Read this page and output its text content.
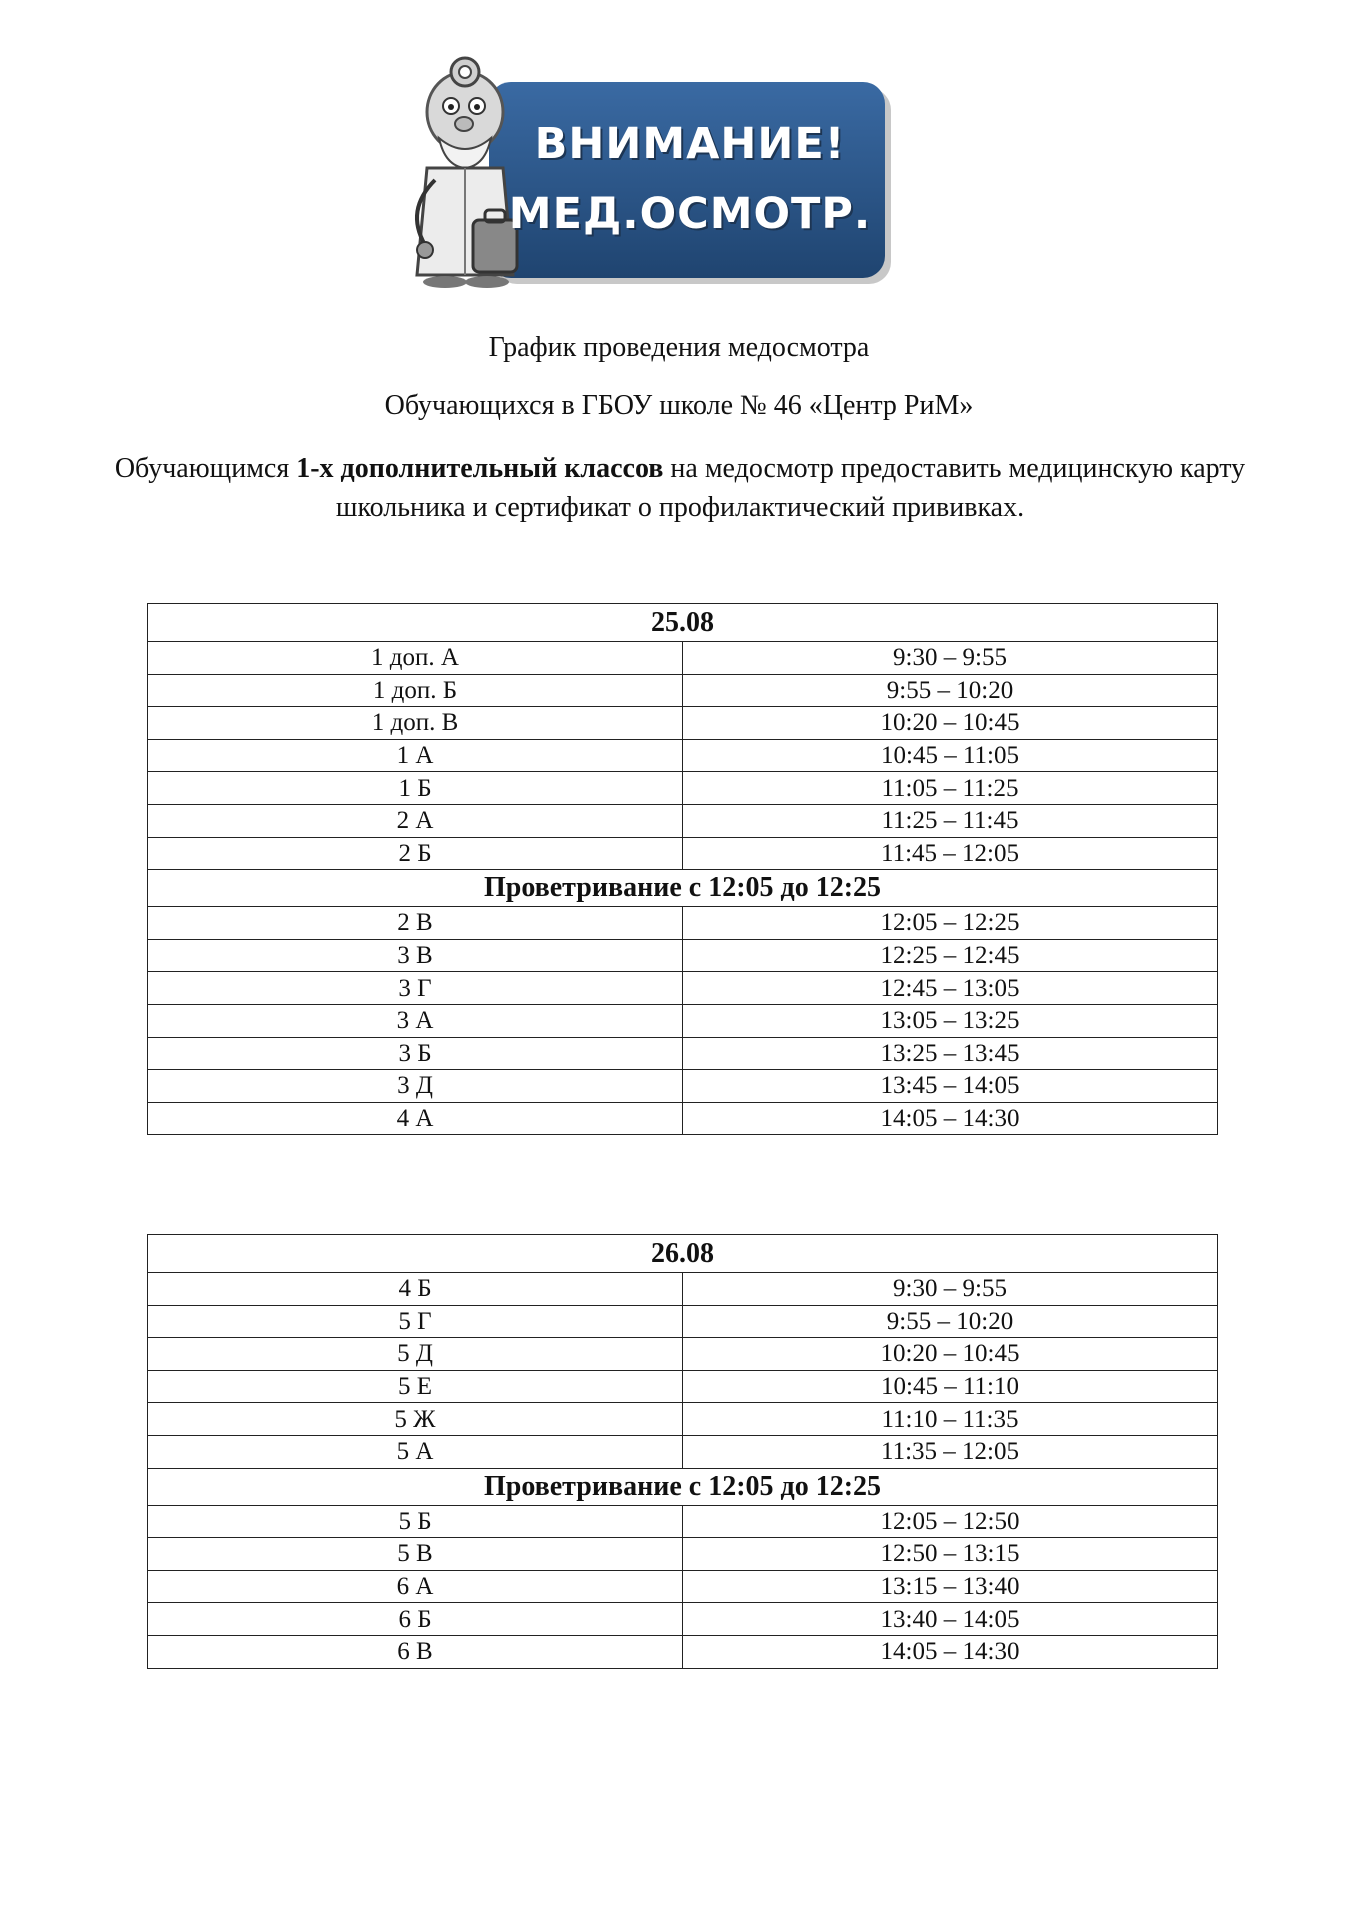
ВНИМАНИЕ!
МЕД.ОСМОТР.
График проведения медосмотра
Обучающихся в ГБОУ школе № 46 «Центр РиМ»
Обучающимся 1-х дополнительный классов на медосмотр предоставить медицинскую карту школьника и сертификат о профилактический прививках.
25.08	
1 доп. А	9:30 – 9:55
1 доп. Б	9:55 – 10:20
1 доп. В	10:20 – 10:45
1 А	10:45 – 11:05
1 Б	11:05 – 11:25
2 А	11:25 – 11:45
2 Б	11:45 – 12:05
Проветривание с 12:05 до 12:25	
2 В	12:05 – 12:25
3 В	12:25 – 12:45
3 Г	12:45 – 13:05
3 А	13:05 – 13:25
3 Б	13:25 – 13:45
3 Д	13:45 – 14:05
4 А	14:05 – 14:30
26.08	
4 Б	9:30 – 9:55
5 Г	9:55 – 10:20
5 Д	10:20 – 10:45
5 Е	10:45 – 11:10
5 Ж	11:10 – 11:35
5 А	11:35 – 12:05
Проветривание с 12:05 до 12:25	
5 Б	12:05 – 12:50
5 В	12:50 – 13:15
6 А	13:15 – 13:40
6 Б	13:40 – 14:05
6 В	14:05 – 14:30
